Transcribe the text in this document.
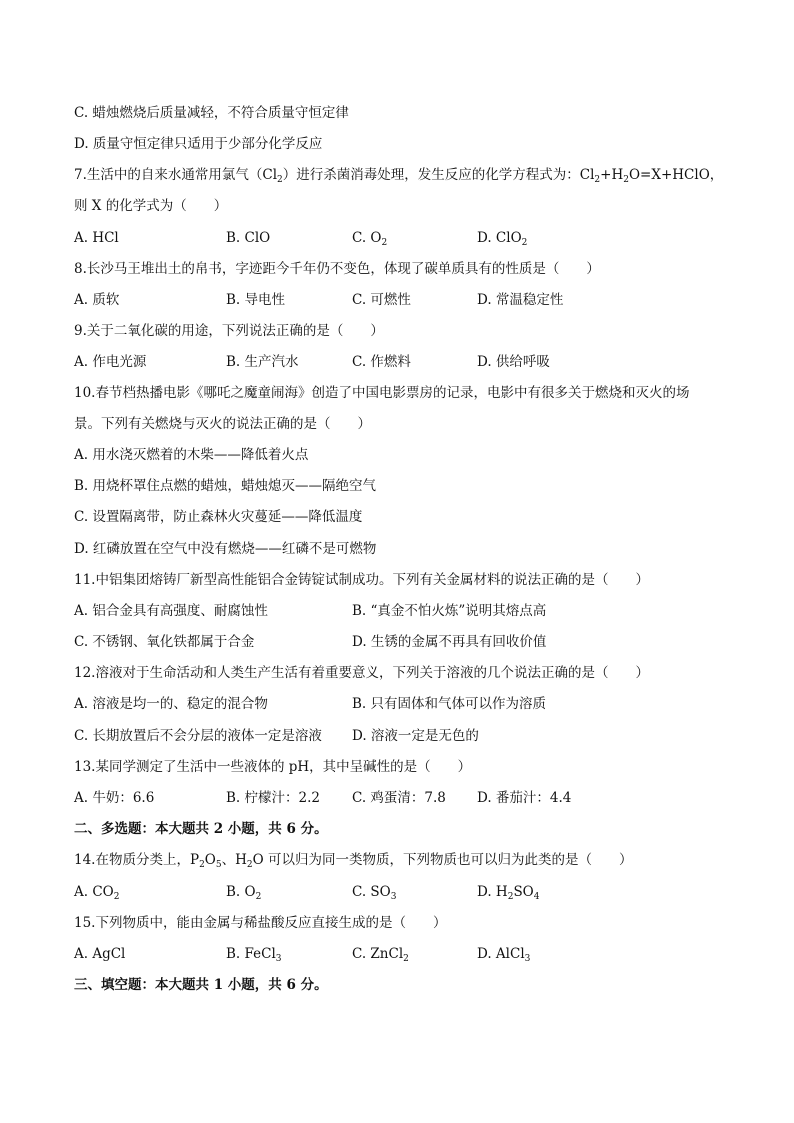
C. 蜡烛燃烧后质量减轻，不符合质量守恒定律
D. 质量守恒定律只适用于少部分化学反应
7.生活中的自来水通常用氯气$(Cl_2)$进行杀菌消毒处理，发生反应的化学方程式为：$Cl_2+H_2O=X+HClO$，
则 X 的化学式为（　　）
A. HCl	B. ClO	C. $O_2$	D. ClO$_2$
8.长沙马王堆出土的帛书，字迹距今千年仍不变色，体现了碳单质具有的性质是（　　）
A. 质软	B. 导电性	C. 可燃性	D. 常温稳定性
9.关于二氧化碳的用途，下列说法正确的是（　　）
A. 作电光源	B. 生产汽水	C. 作燃料	D. 供给呼吸
10.春节档热播电影《哪吒之魔童闹海》创造了中国电影票房的记录，电影中有很多关于燃烧和灭火的场
景。下列有关燃烧与灭火的说法正确的是（　　）
A. 用水浇灭燃着的木柴——降低着火点
B. 用烧杯罩住点燃的蜡烛，蜡烛熄灭——隔绝空气
C. 设置隔离带，防止森林火灾蔓延——降低温度
D. 红磷放置在空气中没有燃烧——红磷不是可燃物
11.中铝集团熔铸厂新型高性能铝合金铸锭试制成功。下列有关金属材料的说法正确的是（　　）
A. 铝合金具有高强度、耐腐蚀性	B. “真金不怕火炼”说明其熔点高
C. 不锈钢、氧化铁都属于合金	D. 生锈的金属不再具有回收价值
12.溶液对于生命活动和人类生产生活有着重要意义，下列关于溶液的几个说法正确的是（　　）
A. 溶液是均一的、稳定的混合物	B. 只有固体和气体可以作为溶质
C. 长期放置后不会分层的液体一定是溶液 D. 溶液一定是无色的
13.某同学测定了生活中一些液体的 pH，其中呈碱性的是（　　）
A. 牛奶：6.6	B. 柠檬汁：2.2 C. 鸡蛋清：7.8 D. 番茄汁：4.4
二、多选题：本大题共 2 小题，共 6 分。
14.在物质分类上，$P_2O_5$、$H_2O$ 可以归为同一类物质，下列物质也可以归为此类的是（　　）
A. $CO_2$	B. $O_2$	C. $SO_3$	D. $H_2SO_4$
15.下列物质中，能由金属与稀盐酸反应直接生成的是（　　）
A. AgCl	B. FeCl$_3$	C. ZnCl$_2$	D. AlCl$_3$
三、填空题：本大题共 1 小题，共 6 分。
